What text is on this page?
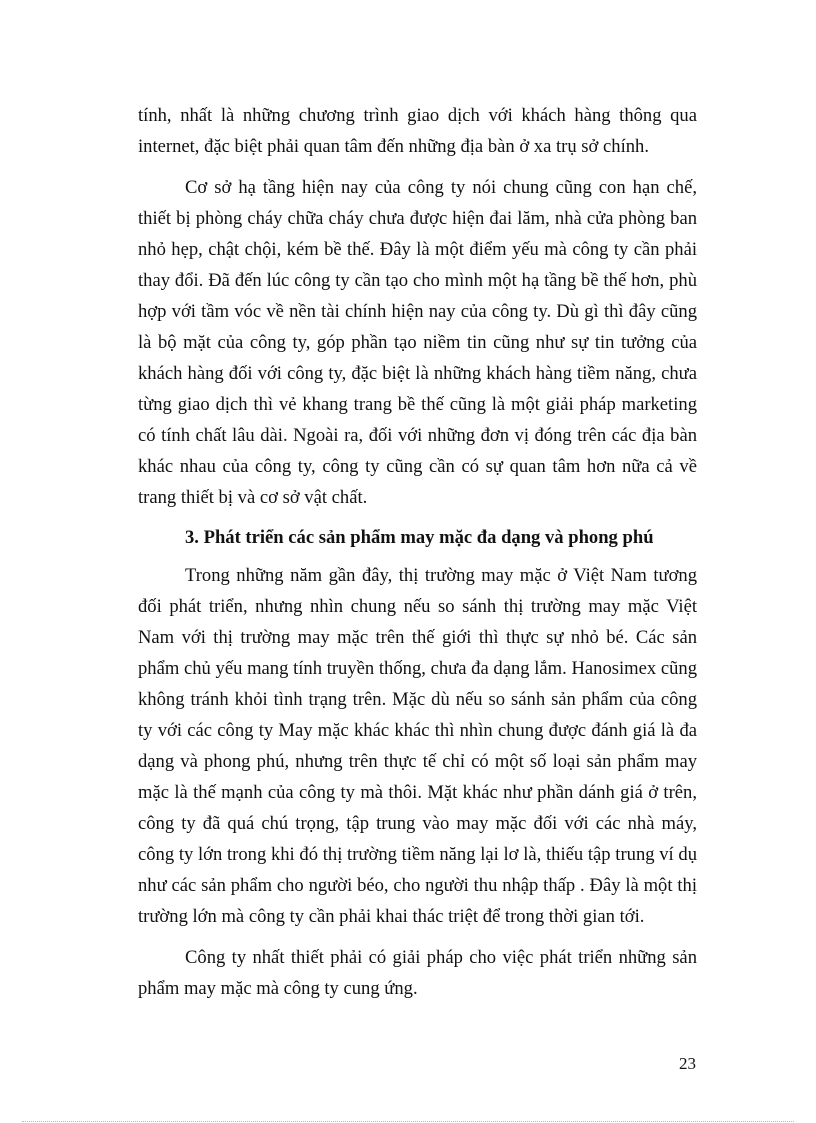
tính, nhất là những chương trình giao dịch với khách hàng thông qua internet, đặc biệt phải quan tâm đến những địa bàn ở xa trụ sở chính.

Cơ sở hạ tầng hiện nay của công ty nói chung cũng con hạn chế, thiết bị phòng cháy chữa cháy chưa được hiện đai lăm, nhà cửa phòng ban nhỏ hẹp, chật chội, kém bề thế. Đây là một điểm yếu mà công ty cần phải thay đổi. Đã đến lúc công ty cần tạo cho mình một hạ tầng bề thế hơn, phù hợp với tầm vóc về nền tài chính hiện nay của công ty. Dù gì thì đây cũng là bộ mặt của công ty, góp phần tạo niềm tin cũng như sự tin tưởng của khách hàng đối với công ty, đặc biệt là những khách hàng tiềm năng, chưa từng giao dịch thì vẻ khang trang bề thế cũng là một giải pháp marketing có tính chất lâu dài. Ngoài ra, đối với những đơn vị đóng trên các địa bàn khác nhau của công ty, công ty cũng cần có sự quan tâm hơn nữa cả về trang thiết bị và cơ sở vật chất.

3. Phát triển các sản phẩm may mặc đa dạng và phong phú

Trong những năm gần đây, thị trường may mặc ở Việt Nam tương đối phát triển, nhưng nhìn chung nếu so sánh thị trường may mặc Việt Nam với thị trường may mặc trên thế giới thì thực sự nhỏ bé. Các sản phẩm chủ yếu mang tính truyền thống, chưa đa dạng lắm. Hanosimex cũng không tránh khỏi tình trạng trên. Mặc dù nếu so sánh sản phẩm của công ty với các công ty May mặc khác khác thì nhìn chung được đánh giá là đa dạng và phong phú, nhưng trên thực tế chỉ có một số loại sản phẩm may mặc là thế mạnh của công ty mà thôi. Mặt khác như phần dánh giá ở trên, công ty đã quá chú trọng, tập trung vào may mặc đối với các nhà máy, công ty lớn trong khi đó thị trường tiềm năng lại lơ là, thiếu tập trung ví dụ như các sản phẩm cho người béo, cho người thu nhập thấp . Đây là một thị trường lớn mà công ty cần phải khai thác triệt để trong thời gian tới.

Công ty nhất thiết phải có giải pháp cho việc phát triển những sản phẩm may mặc mà công ty cung ứng.

23
